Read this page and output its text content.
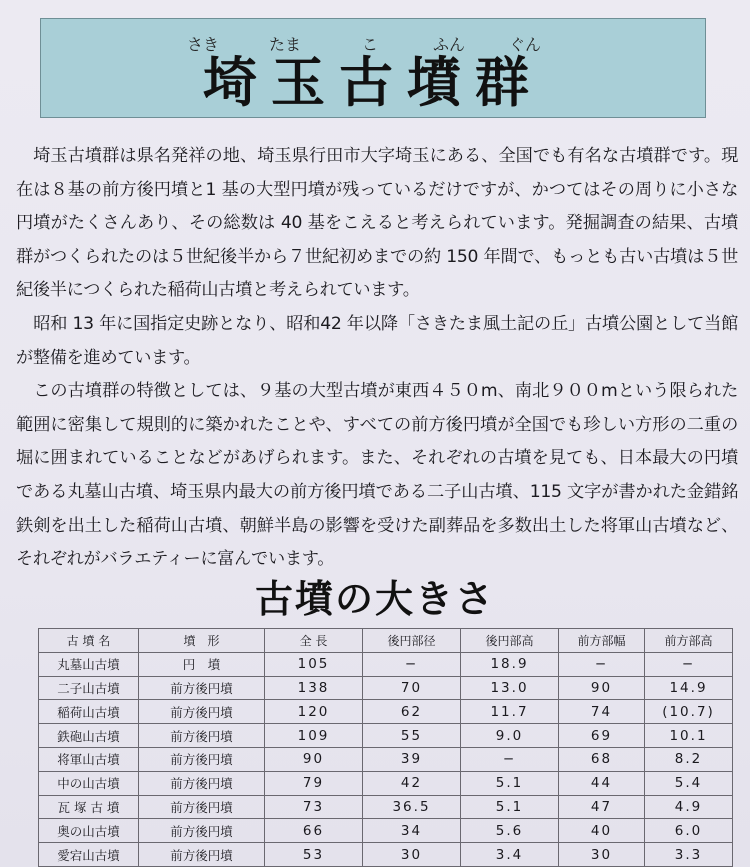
さき	たま	こ	ふん	ぐん
埼玉古墳群

埼玉古墳群は県名発祥の地、埼玉県行田市大字埼玉にある、全国でも有名な古墳群です。現在は８基の前方後円墳と1 基の大型円墳が残っているだけですが、かつてはその周りに小さな円墳がたくさんあり、その総数は 40 基をこえると考えられています。発掘調査の結果、古墳群がつくられたのは５世紀後半から７世紀初めまでの約 150 年間で、もっとも古い古墳は５世紀後半につくられた稲荷山古墳と考えられています。

昭和 13 年に国指定史跡となり、昭和42 年以降「さきたま風土記の丘」古墳公園として当館が整備を進めています。

この古墳群の特徴としては、９基の大型古墳が東西４５０m、南北９００mという限られた範囲に密集して規則的に築かれたことや、すべての前方後円墳が全国でも珍しい方形の二重の堀に囲まれていることなどがあげられます。また、それぞれの古墳を見ても、日本最大の円墳である丸墓山古墳、埼玉県内最大の前方後円墳である二子山古墳、115 文字が書かれた金錯銘鉄剣を出土した稲荷山古墳、朝鮮半島の影響を受けた副葬品を多数出土した将軍山古墳など、それぞれがバラエティーに富んでいます。

古墳の大きさ
古 墳 名	墳　形	全 長	後円部径	後円部高	前方部幅	前方部高
丸墓山古墳	円　墳	105	−	18.9	−	−
二子山古墳	前方後円墳	138	70	13.0	90	14.9
稲荷山古墳	前方後円墳	120	62	11.7	74	(10.7)
鉄砲山古墳	前方後円墳	109	55	9.0	69	10.1
将軍山古墳	前方後円墳	90	39	−	68	8.2
中の山古墳	前方後円墳	79	42	5.1	44	5.4
瓦 塚 古 墳	前方後円墳	73	36.5	5.1	47	4.9
奥の山古墳	前方後円墳	66	34	5.6	40	6.0
愛宕山古墳	前方後円墳	53	30	3.4	30	3.3
